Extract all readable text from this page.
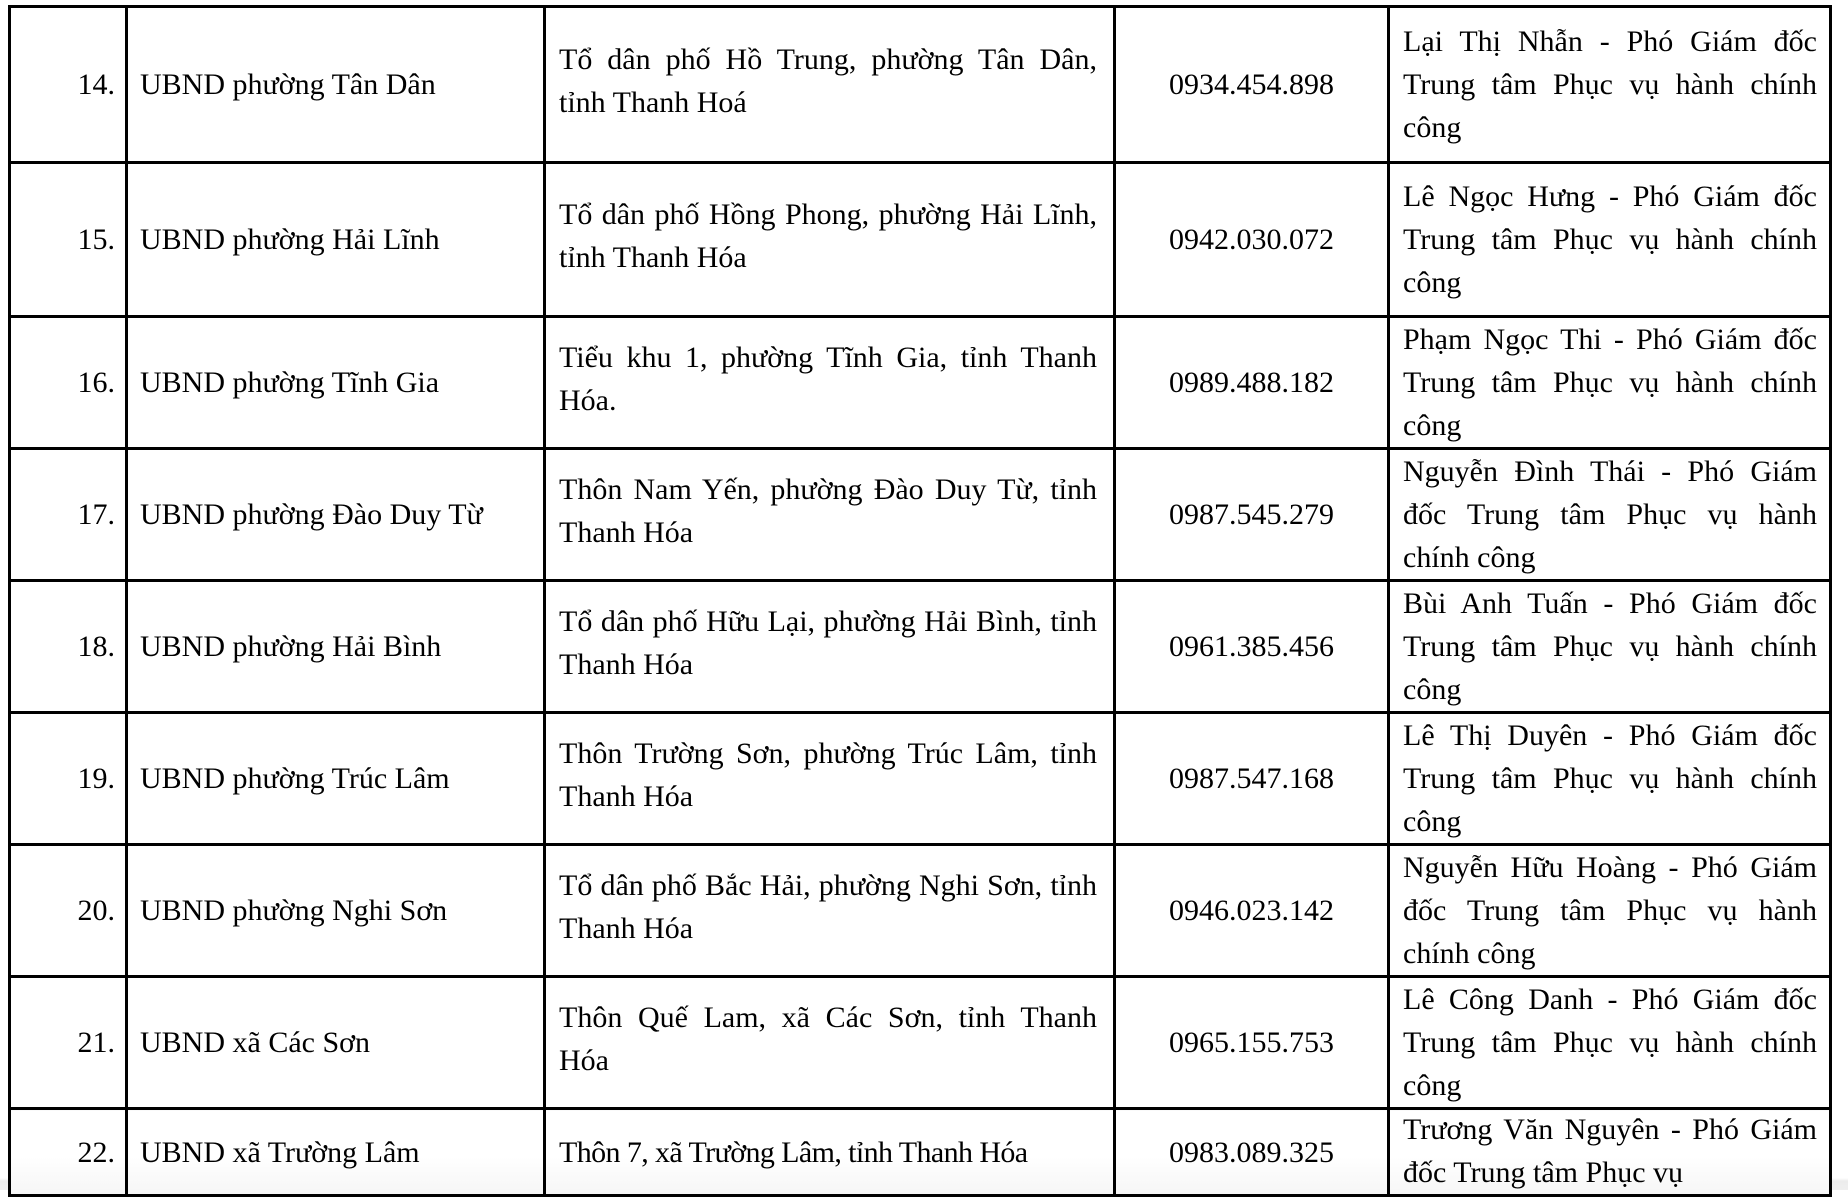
14.	UBND phường Tân Dân	Tổ dân phố Hồ Trung, phường Tân Dân, tỉnh Thanh Hoá	0934.454.898	Lại Thị Nhẫn - Phó Giám đốc Trung tâm Phục vụ hành chính công

15.	UBND phường Hải Lĩnh	Tổ dân phố Hồng Phong, phường Hải Lĩnh, tỉnh Thanh Hóa	0942.030.072	Lê Ngọc Hưng - Phó Giám đốc Trung tâm Phục vụ hành chính công

16.	UBND phường Tĩnh Gia	Tiểu khu 1, phường Tĩnh Gia, tỉnh Thanh Hóa.	0989.488.182	Phạm Ngọc Thi - Phó Giám đốc Trung tâm Phục vụ hành chính công

17.	UBND phường Đào Duy Từ	Thôn Nam Yến, phường Đào Duy Từ, tỉnh Thanh Hóa	0987.545.279	Nguyễn Đình Thái - Phó Giám đốc Trung tâm Phục vụ hành chính công

18.	UBND phường Hải Bình	Tổ dân phố Hữu Lại, phường Hải Bình, tỉnh Thanh Hóa	0961.385.456	Bùi Anh Tuấn - Phó Giám đốc Trung tâm Phục vụ hành chính công

19.	UBND phường Trúc Lâm	Thôn Trường Sơn, phường Trúc Lâm, tỉnh Thanh Hóa	0987.547.168	Lê Thị Duyên - Phó Giám đốc Trung tâm Phục vụ hành chính công

20.	UBND phường Nghi Sơn	Tổ dân phố Bắc Hải, phường Nghi Sơn, tỉnh Thanh Hóa	0946.023.142	Nguyễn Hữu Hoàng - Phó Giám đốc Trung tâm Phục vụ hành chính công

21.	UBND xã Các Sơn	Thôn Quế Lam, xã Các Sơn, tỉnh Thanh Hóa	0965.155.753	Lê Công Danh - Phó Giám đốc Trung tâm Phục vụ hành chính công

22.	UBND xã Trường Lâm	Thôn 7, xã Trường Lâm, tỉnh Thanh Hóa	0983.089.325	Trương Văn Nguyên - Phó Giám đốc Trung tâm Phục vụ
